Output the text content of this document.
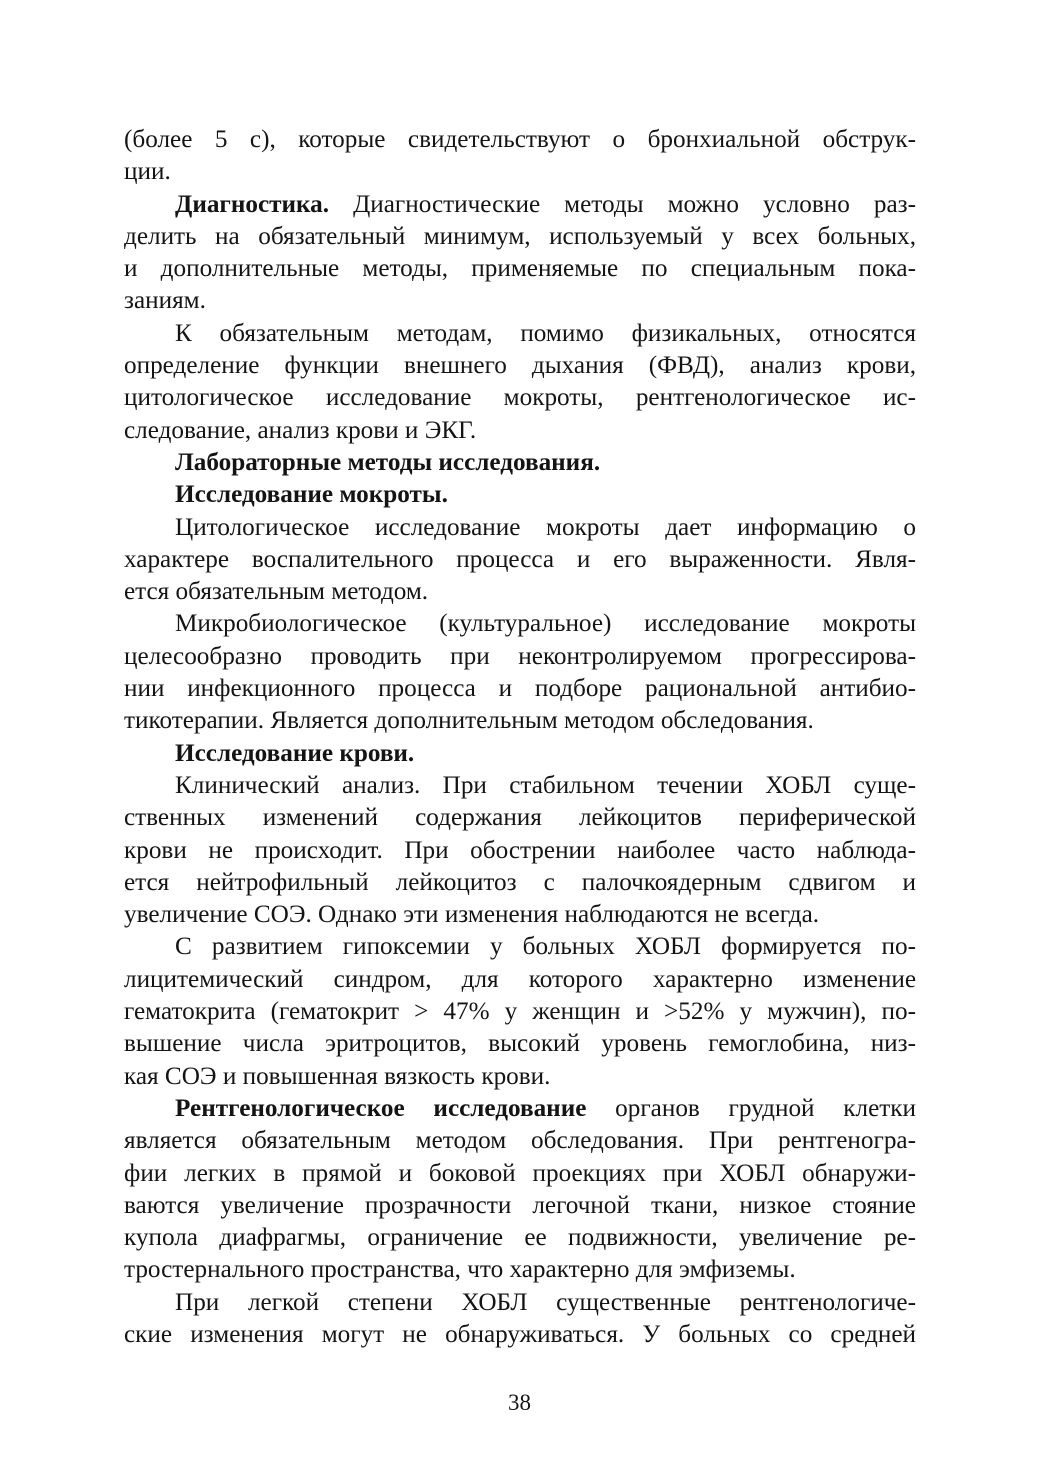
(более 5 с), которые свидетельствуют о бронхиальной обструк-
ции.
Диагностика. Диагностические методы можно условно раз-
делить на обязательный минимум, используемый у всех больных,
и дополнительные методы, применяемые по специальным пока-
заниям.
К обязательным методам, помимо физикальных, относятся
определение функции внешнего дыхания (ФВД), анализ крови,
цитологическое исследование мокроты, рентгенологическое ис-
следование, анализ крови и ЭКГ.
Лабораторные методы исследования.
Исследование мокроты.
Цитологическое исследование мокроты дает информацию о
характере воспалительного процесса и его выраженности. Явля-
ется обязательным методом.
Микробиологическое (культуральное) исследование мокроты
целесообразно проводить при неконтролируемом прогрессирова-
нии инфекционного процесса и подборе рациональной антибио-
тикотерапии. Является дополнительным методом обследования.
Исследование крови.
Клинический анализ. При стабильном течении ХОБЛ суще-
ственных изменений содержания лейкоцитов периферической
крови не происходит. При обострении наиболее часто наблюда-
ется нейтрофильный лейкоцитоз с палочкоядерным сдвигом и
увеличение СОЭ. Однако эти изменения наблюдаются не всегда.
С развитием гипоксемии у больных ХОБЛ формируется по-
лицитемический синдром, для которого характерно изменение
гематокрита (гематокрит > 47% у женщин и >52% у мужчин), по-
вышение числа эритроцитов, высокий уровень гемоглобина, низ-
кая СОЭ и повышенная вязкость крови.
Рентгенологическое исследование органов грудной клетки
является обязательным методом обследования. При рентгеногра-
фии легких в прямой и боковой проекциях при ХОБЛ обнаружи-
ваются увеличение прозрачности легочной ткани, низкое стояние
купола диафрагмы, ограничение ее подвижности, увеличение ре-
тростернального пространства, что характерно для эмфиземы.
При легкой степени ХОБЛ существенные рентгенологиче-
ские изменения могут не обнаруживаться. У больных со средней
38
